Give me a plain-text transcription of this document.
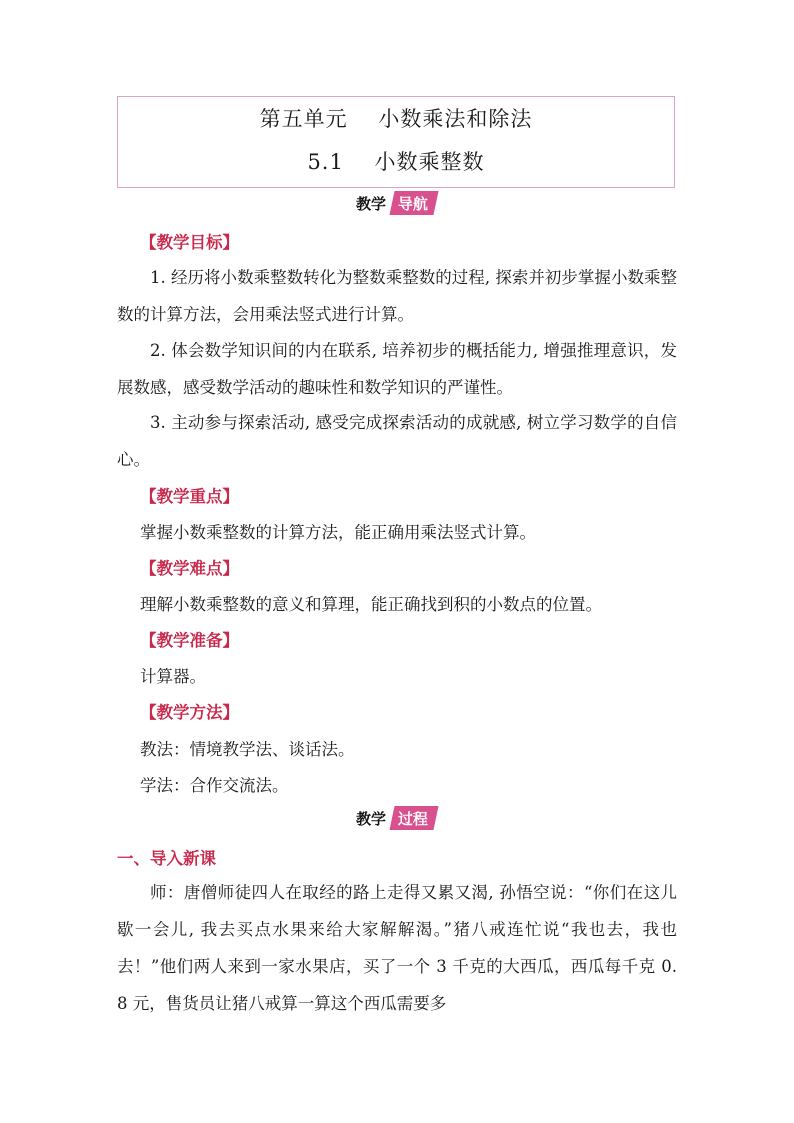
第五单元    小数乘法和除法
5.1    小数乘整数
教学 导航
【教学目标】
1. 经历将小数乘整数转化为整数乘整数的过程, 探索并初步掌握小数乘整数的计算方法，会用乘法竖式进行计算。
2. 体会数学知识间的内在联系, 培养初步的概括能力, 增强推理意识，发展数感，感受数学活动的趣味性和数学知识的严谨性。
3. 主动参与探索活动, 感受完成探索活动的成就感, 树立学习数学的自信心。
【教学重点】
掌握小数乘整数的计算方法，能正确用乘法竖式计算。
【教学难点】
理解小数乘整数的意义和算理，能正确找到积的小数点的位置。
【教学准备】
计算器。
【教学方法】
教法：情境教学法、谈话法。
学法：合作交流法。
教学 过程
一、导入新课
师：唐僧师徒四人在取经的路上走得又累又渴, 孙悟空说：“你们在这儿歇一会儿, 我去买点水果来给大家解解渴。”猪八戒连忙说“我也去，我也去！”他们两人来到一家水果店，买了一个 3 千克的大西瓜，西瓜每千克 0. 8 元，售货员让猪八戒算一算这个西瓜需要多
